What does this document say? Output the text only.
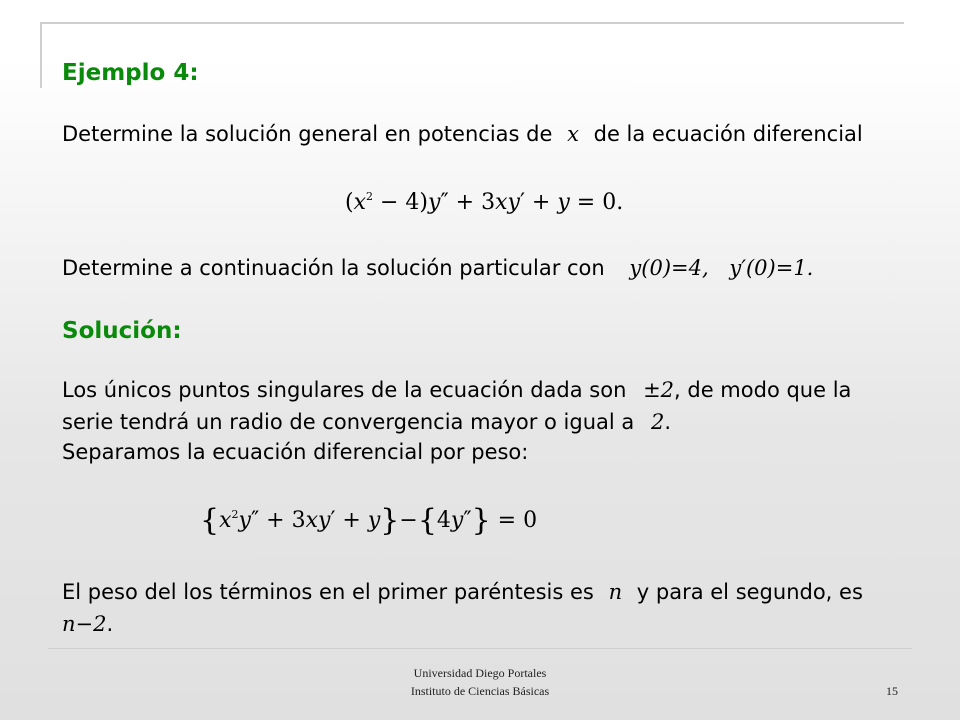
Ejemplo 4:
Determine la solución general en potencias de x de la ecuación diferencial
$(x^2 - 4)y'' + 3xy' + y = 0$.
Determine a continuación la solución particular con y(0)=4, y′(0)=1.
Solución:
Los únicos puntos singulares de la ecuación dada son ±2, de modo que la
serie tendrá un radio de convergencia mayor o igual a 2.
Separamos la ecuación diferencial por peso:
$\{x^2y'' + 3xy' + y\}-\{4y''\} = 0$
El peso del los términos en el primer paréntesis es n y para el segundo, es
n−2.
Universidad Diego Portales
Instituto de Ciencias Básicas	15
